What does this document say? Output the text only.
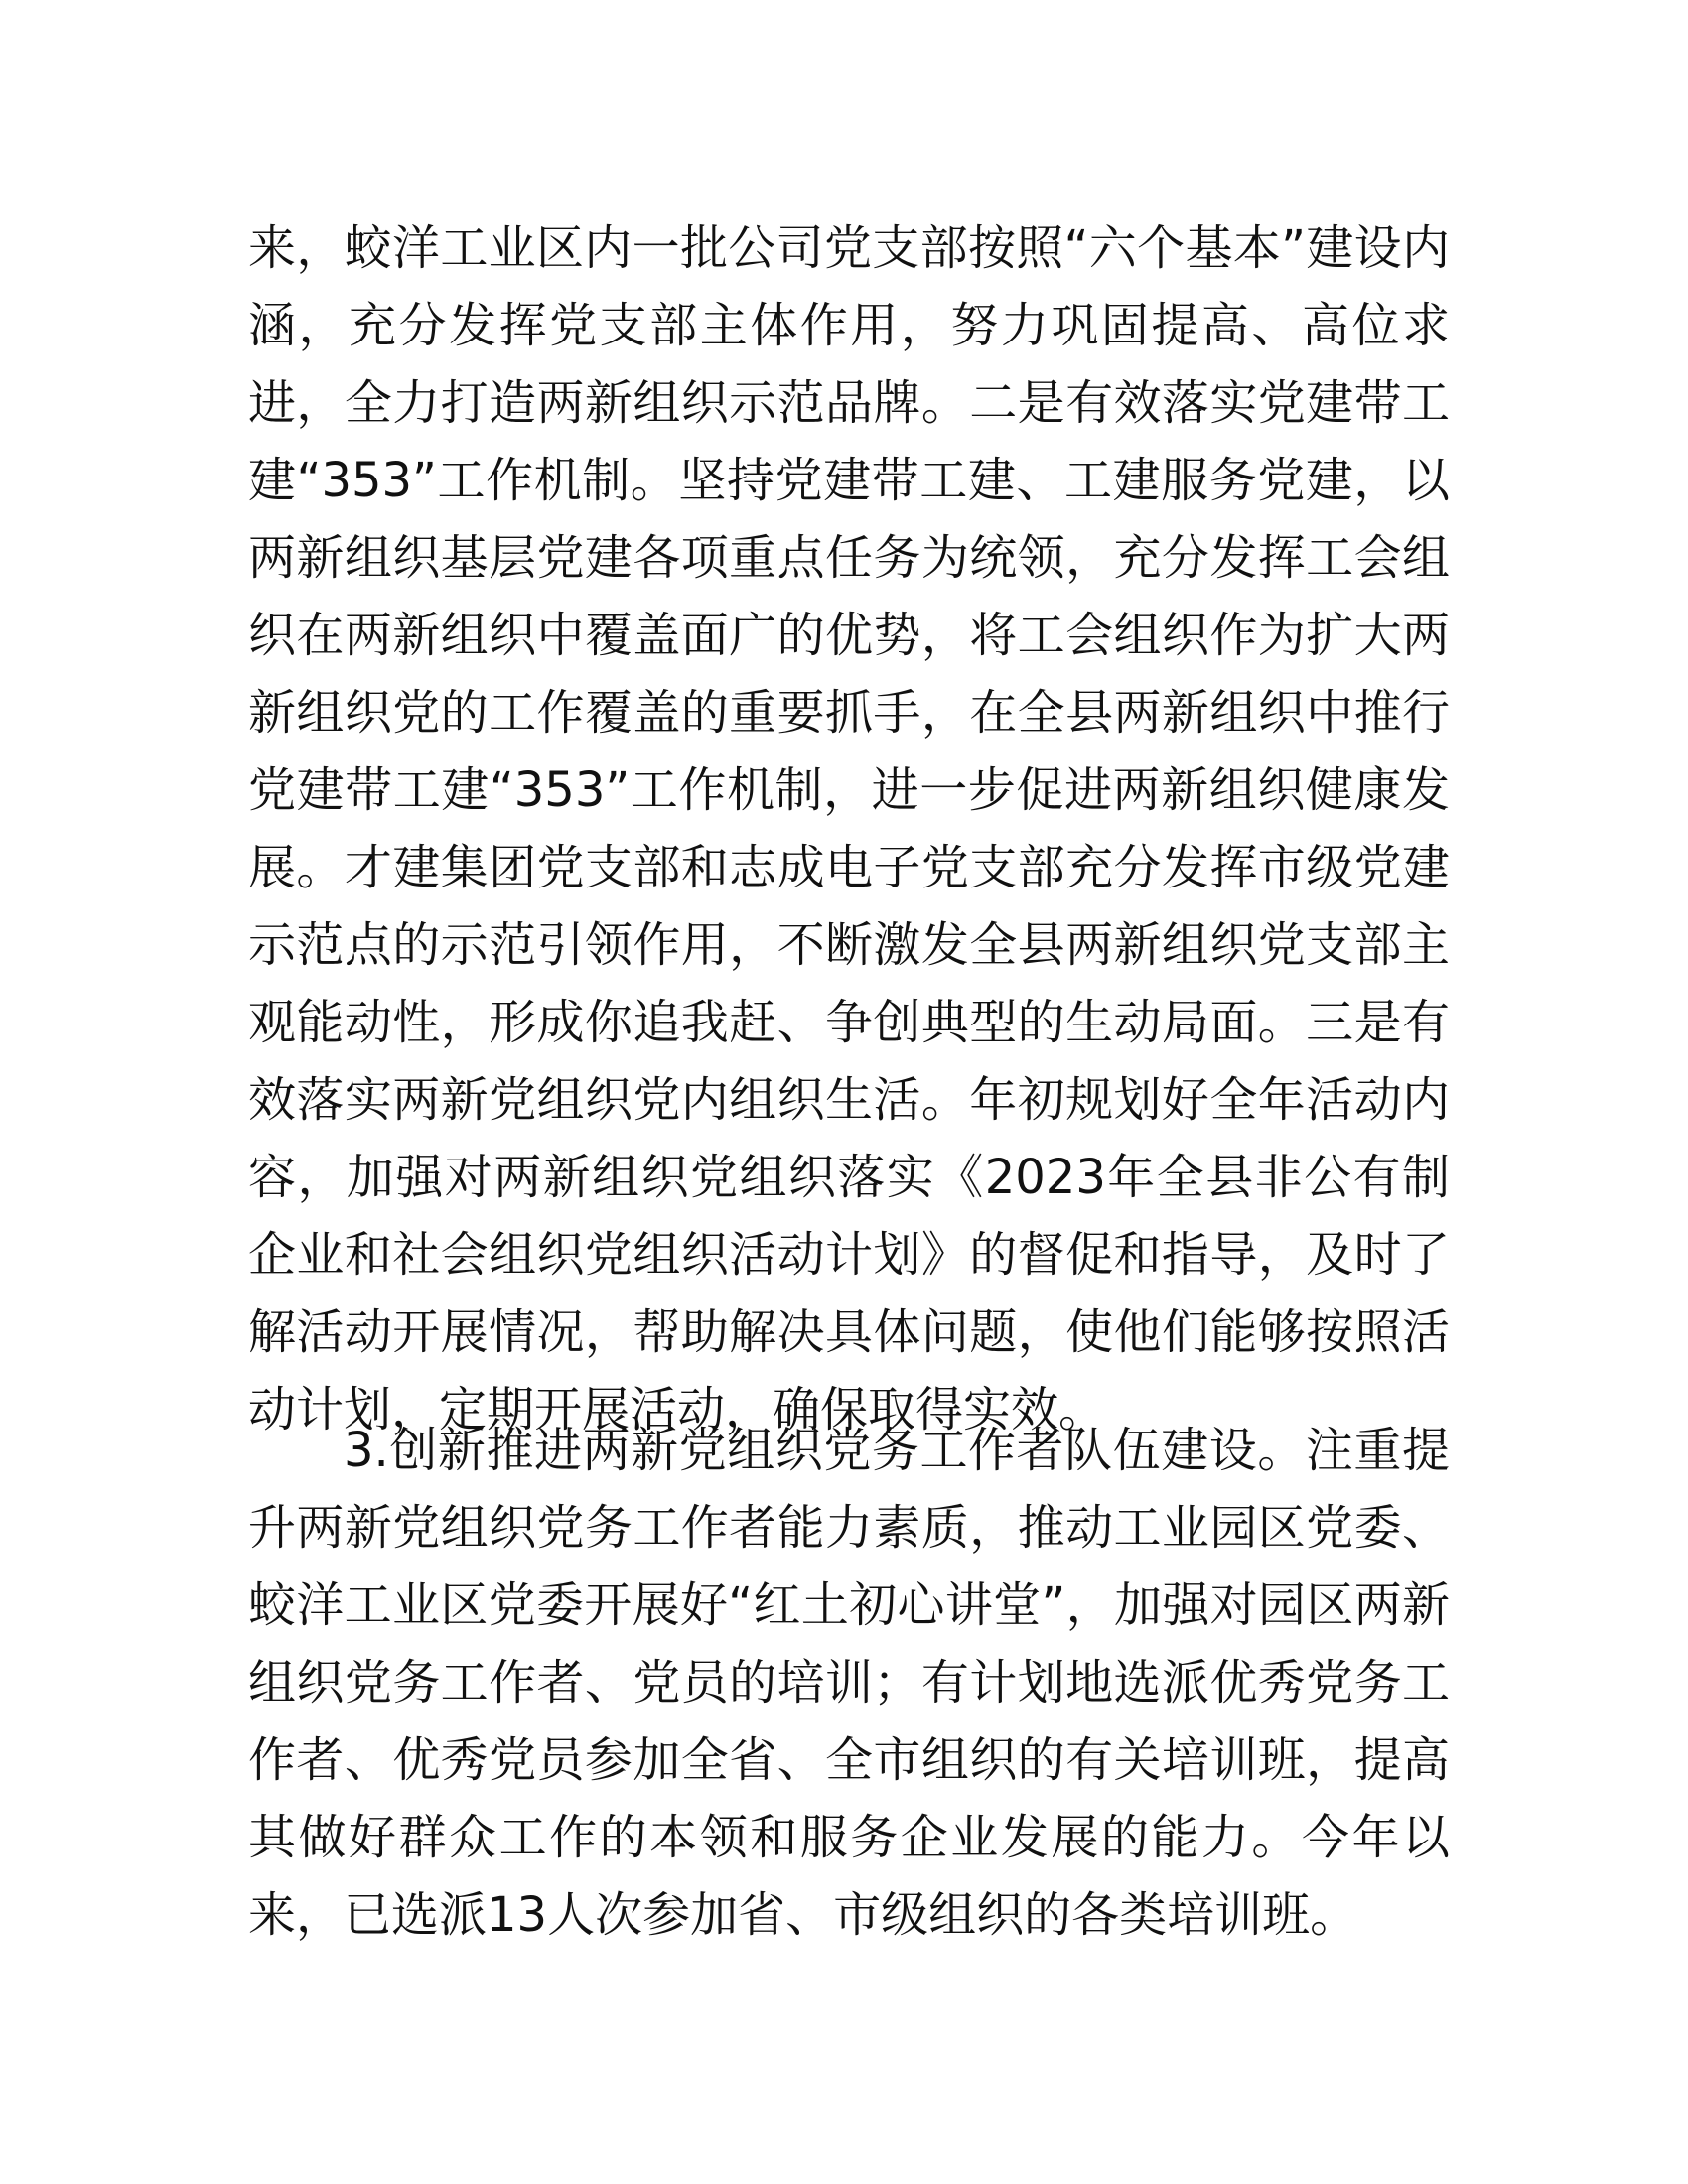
来，蛟洋工业区内一批公司党支部按照“六个基本”建设内涵，充分发挥党支部主体作用，努力巩固提高、高位求进，全力打造两新组织示范品牌。二是有效落实党建带工建“353”工作机制。坚持党建带工建、工建服务党建，以两新组织基层党建各项重点任务为统领，充分发挥工会组织在两新组织中覆盖面广的优势，将工会组织作为扩大两新组织党的工作覆盖的重要抓手，在全县两新组织中推行党建带工建“353”工作机制，进一步促进两新组织健康发展。才建集团党支部和志成电子党支部充分发挥市级党建示范点的示范引领作用，不断激发全县两新组织党支部主观能动性，形成你追我赶、争创典型的生动局面。三是有效落实两新党组织党内组织生活。年初规划好全年活动内容，加强对两新组织党组织落实《2023年全县非公有制企业和社会组织党组织活动计划》的督促和指导，及时了解活动开展情况，帮助解决具体问题，使他们能够按照活动计划，定期开展活动，确保取得实效。
3.创新推进两新党组织党务工作者队伍建设。注重提升两新党组织党务工作者能力素质，推动工业园区党委、蛟洋工业区党委开展好“红土初心讲堂”，加强对园区两新组织党务工作者、党员的培训；有计划地选派优秀党务工作者、优秀党员参加全省、全市组织的有关培训班，提高其做好群众工作的本领和服务企业发展的能力。今年以来，已选派13人次参加省、市级组织的各类培训班。
